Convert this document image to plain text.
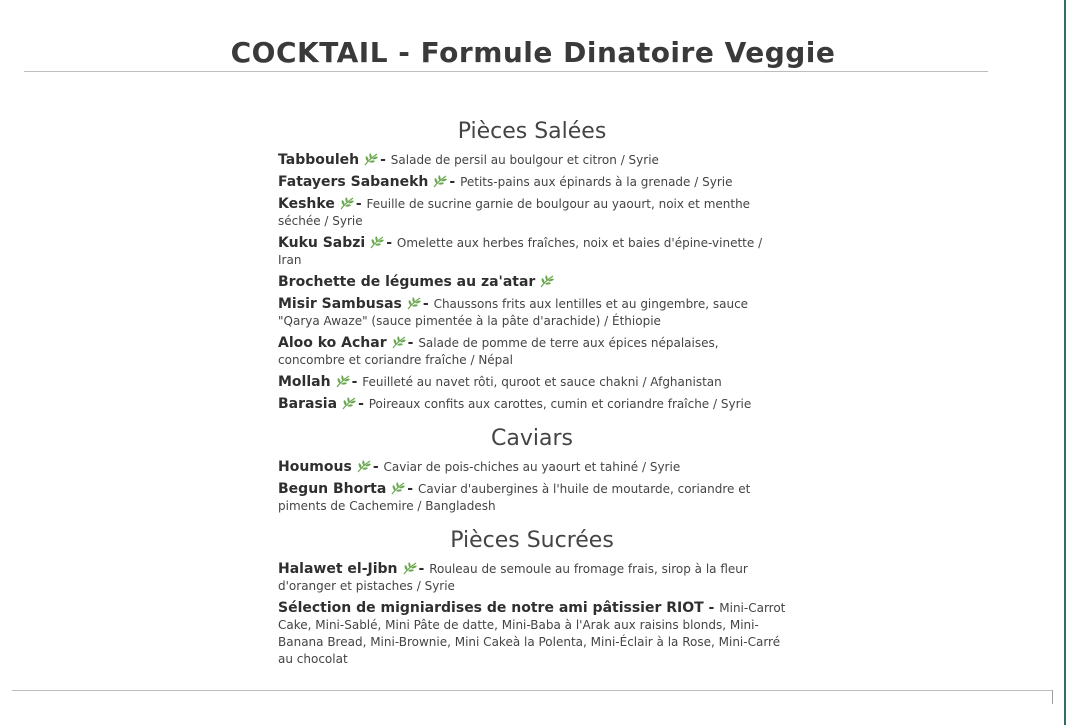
COCKTAIL - Formule Dinatoire Veggie
Pièces Salées
Tabbouleh - Salade de persil au boulgour et citron / Syrie
Fatayers Sabanekh - Petits-pains aux épinards à la grenade / Syrie
Keshke - Feuille de sucrine garnie de boulgour au yaourt, noix et menthe séchée / Syrie
Kuku Sabzi - Omelette aux herbes fraîches, noix et baies d'épine-vinette / Iran
Brochette de légumes au za'atar
Misir Sambusas - Chaussons frits aux lentilles et au gingembre, sauce "Qarya Awaze" (sauce pimentée à la pâte d'arachide) / Éthiopie
Aloo ko Achar - Salade de pomme de terre aux épices népalaises, concombre et coriandre fraîche / Népal
Mollah - Feuilleté au navet rôti, quroot et sauce chakni / Afghanistan
Barasia - Poireaux confits aux carottes, cumin et coriandre fraîche / Syrie
Caviars
Houmous - Caviar de pois-chiches au yaourt et tahiné / Syrie
Begun Bhorta - Caviar d'aubergines à l'huile de moutarde, coriandre et piments de Cachemire / Bangladesh
Pièces Sucrées
Halawet el-Jibn - Rouleau de semoule au fromage frais, sirop à la fleur d'oranger et pistaches / Syrie
Sélection de migniardises de notre ami pâtissier RIOT - Mini-Carrot Cake, Mini-Sablé, Mini Pâte de datte, Mini-Baba à l'Arak aux raisins blonds, Mini-Banana Bread, Mini-Brownie, Mini Cakeà la Polenta, Mini-Éclair à la Rose, Mini-Carré au chocolat
